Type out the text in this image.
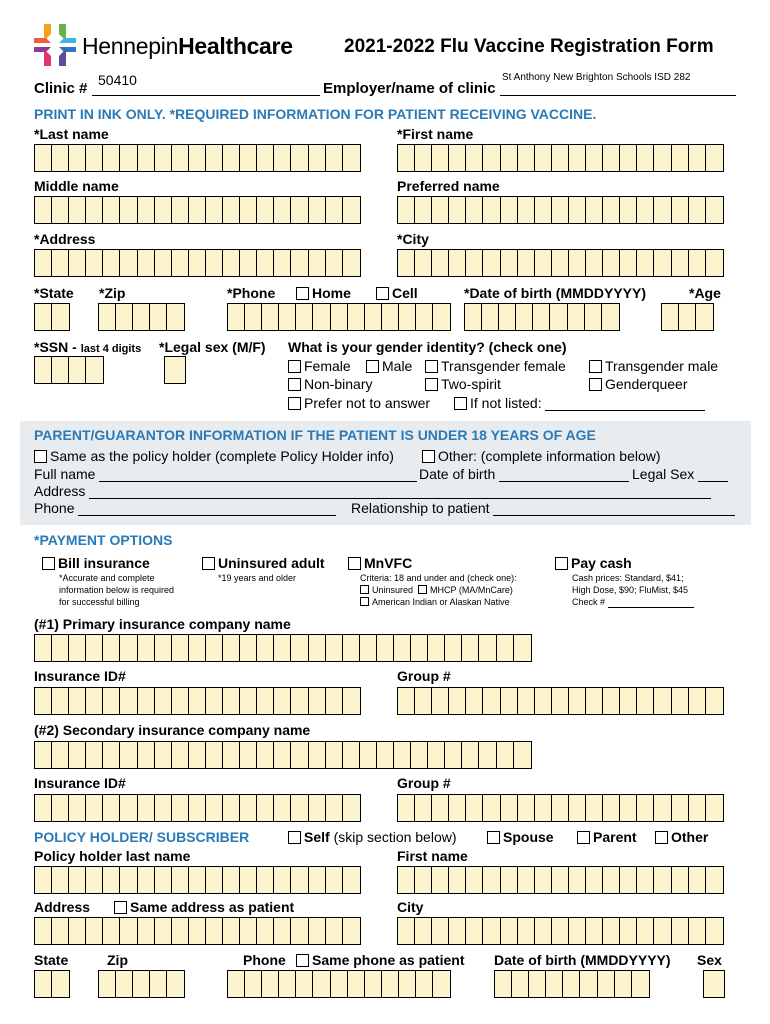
HennepinHealthcare	2021-2022 Flu Vaccine Registration Form
Clinic # 50410	Employer/name of clinic
St Anthony New Brighton Schools ISD 282
PRINT IN INK ONLY. *REQUIRED INFORMATION FOR PATIENT RECEIVING VACCINE.
*Last name	*First name
Middle name	Preferred name
*Address	*City
*State *Zip	*Phone	Home	Cell	*Date of birth (MMDDYYYY)	*Age
*SSN - last 4 digits *Legal sex (M/F) What is your gender identity? (check one)
Female	Male	Transgender female	Transgender male
Non-binary	Two-spirit	Genderqueer
Prefer not to answer	If not listed:
PARENT/GUARANTOR INFORMATION IF THE PATIENT IS UNDER 18 YEARS OF AGE
Same as the policy holder (complete Policy Holder info)	Other: (complete information below)
Full name	Date of birth	Legal Sex
Address
Phone	Relationship to patient
*PAYMENT OPTIONS
Bill insurance
*Accurate and complete
information below is required
for successful billing
Uninsured adult
*19 years and older
MnVFC
Criteria: 18 and under and (check one):
Uninsured MHCP (MA/MnCare)
American Indian or Alaskan Native
Pay cash
Cash prices: Standard, $41;
High Dose, $90; FluMist, $45
Check #
(#1) Primary insurance company name
Insurance ID#	Group #
(#2) Secondary insurance company name
Insurance ID#	Group #
POLICY HOLDER/ SUBSCRIBER	Self (skip section below)	Spouse	Parent	Other
Policy holder last name	First name
Address	Same address as patient	City
State	Zip	Phone	Same phone as patient Date of birth (MMDDYYYY) Sex
